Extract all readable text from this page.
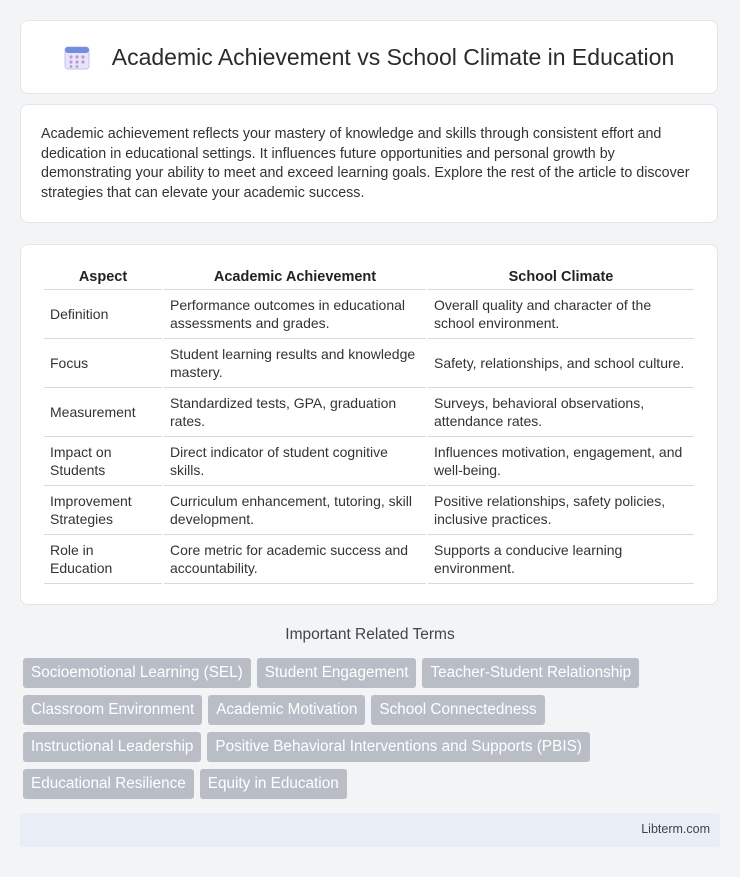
Academic Achievement vs School Climate in Education

Academic achievement reflects your mastery of knowledge and skills through consistent effort and dedication in educational settings. It influences future opportunities and personal growth by demonstrating your ability to meet and exceed learning goals. Explore the rest of the article to discover strategies that can elevate your academic success.

Aspect	Academic Achievement	School Climate
Definition	Performance outcomes in educational assessments and grades.	Overall quality and character of the school environment.
Focus	Student learning results and knowledge mastery.	Safety, relationships, and school culture.
Measurement	Standardized tests, GPA, graduation rates.	Surveys, behavioral observations, attendance rates.
Impact on Students	Direct indicator of student cognitive skills.	Influences motivation, engagement, and well-being.
Improvement Strategies	Curriculum enhancement, tutoring, skill development.	Positive relationships, safety policies, inclusive practices.
Role in Education	Core metric for academic success and accountability.	Supports a conducive learning environment.
Important Related Terms
Socioemotional Learning (SEL)	Student Engagement	Teacher-Student Relationship
Classroom Environment	Academic Motivation	School Connectedness
Instructional Leadership	Positive Behavioral Interventions and Supports (PBIS)
Educational Resilience	Equity in Education
Libterm.com
